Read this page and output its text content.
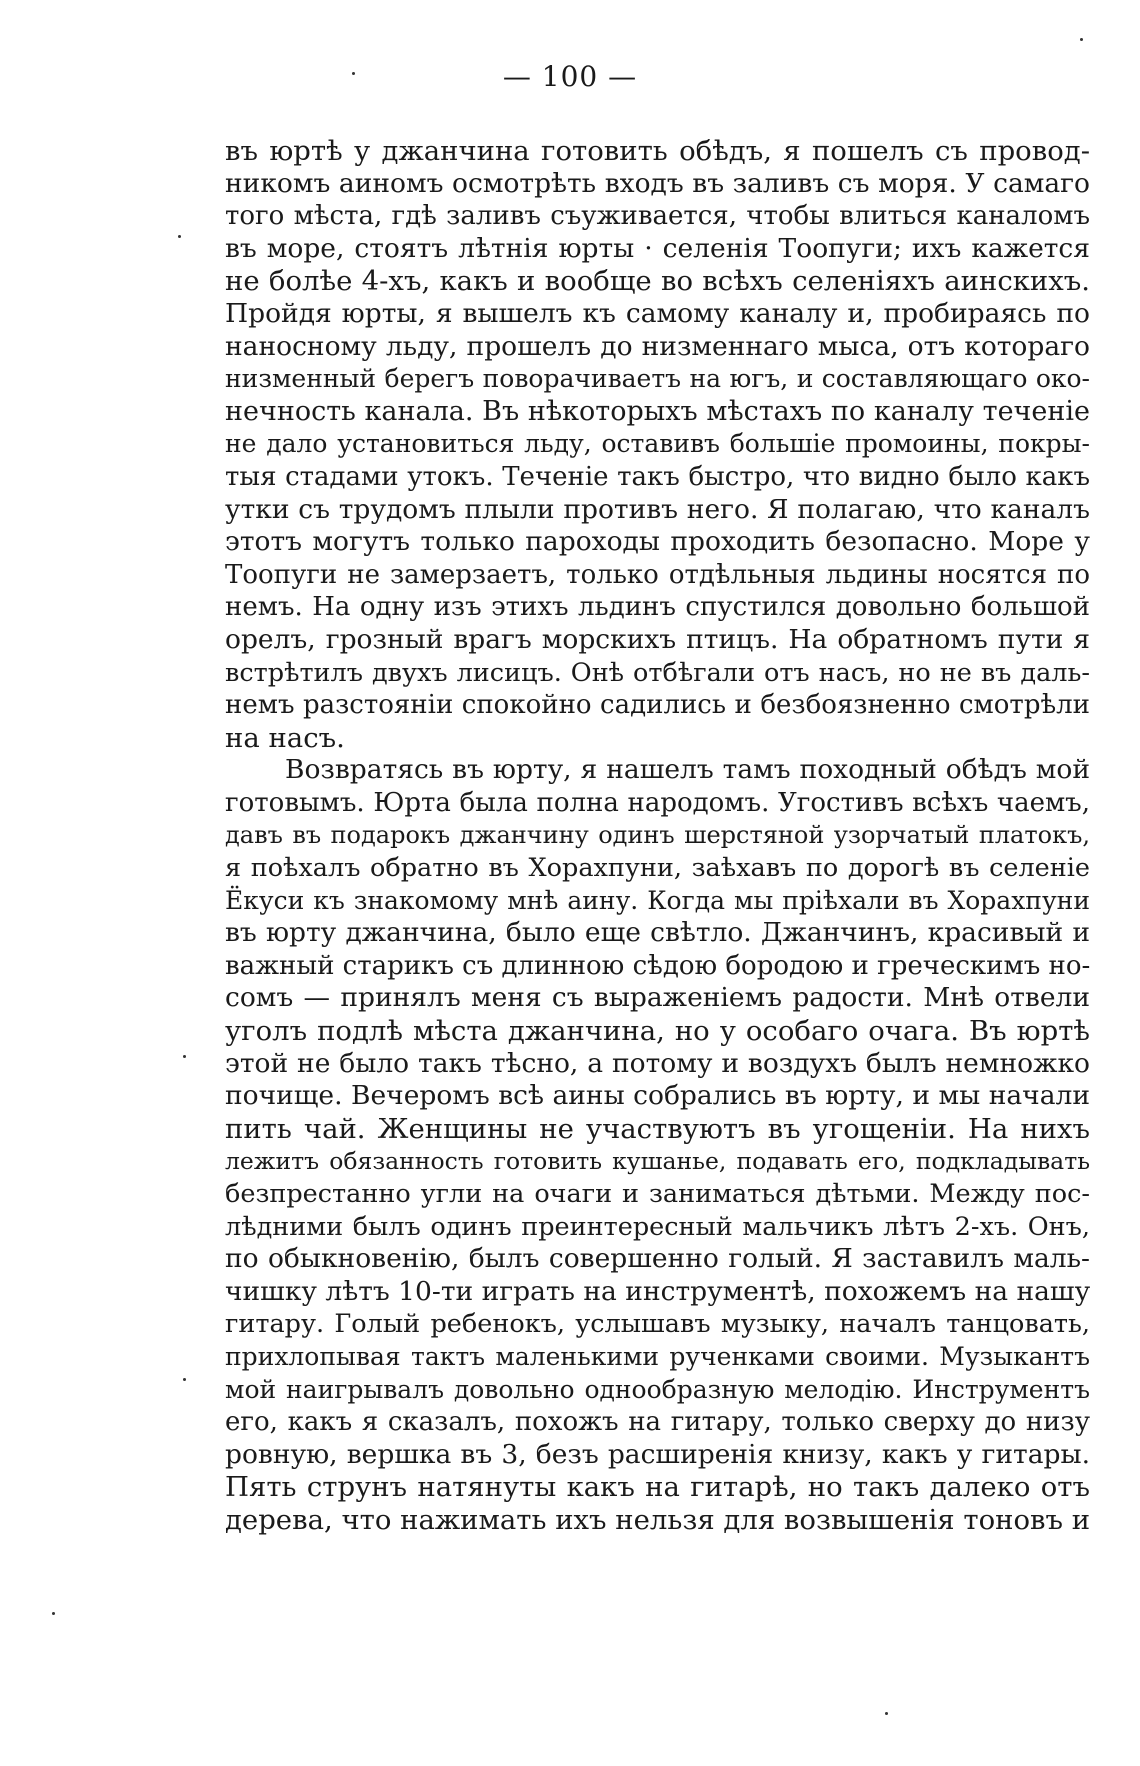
— 100 —
въ юртѣ у джанчина готовить обѣдъ, я пошелъ съ провод-
никомъ аиномъ осмотрѣть входъ въ заливъ съ моря. У самаго
того мѣста, гдѣ заливъ съуживается, чтобы влиться каналомъ
въ море, стоятъ лѣтнія юрты · селенія Тоопуги; ихъ кажется
не болѣе 4-хъ, какъ и вообще во всѣхъ селеніяхъ аинскихъ.
Пройдя юрты, я вышелъ къ самому каналу и, пробираясь по
наносному льду, прошелъ до низменнаго мыса, отъ котораго
низменный берегъ поворачиваетъ на югъ, и составляющаго око-
нечность канала. Въ нѣкоторыхъ мѣстахъ по каналу теченіе
не дало установиться льду, оставивъ большіе промоины, покры-
тыя стадами утокъ. Теченіе такъ быстро, что видно было какъ
утки съ трудомъ плыли противъ него. Я полагаю, что каналъ
этотъ могутъ только пароходы проходить безопасно. Море у
Тоопуги не замерзаетъ, только отдѣльныя льдины носятся по
немъ. На одну изъ этихъ льдинъ спустился довольно большой
орелъ, грозный врагъ морскихъ птицъ. На обратномъ пути я
встрѣтилъ двухъ лисицъ. Онѣ отбѣгали отъ насъ, но не въ даль-
немъ разстояніи спокойно садились и безбоязненно смотрѣли
на насъ.
Возвратясь въ юрту, я нашелъ тамъ походный обѣдъ мой
готовымъ. Юрта была полна народомъ. Угостивъ всѣхъ чаемъ,
давъ въ подарокъ джанчину одинъ шерстяной узорчатый платокъ,
я поѣхалъ обратно въ Хорахпуни, заѣхавъ по дорогѣ въ селеніе
Ёкуси къ знакомому мнѣ аину. Когда мы пріѣхали въ Хорахпуни
въ юрту джанчина, было еще свѣтло. Джанчинъ, красивый и
важный старикъ съ длинною сѣдою бородою и греческимъ но-
сомъ — принялъ меня съ выраженіемъ радости. Мнѣ отвели
уголъ подлѣ мѣста джанчина, но у особаго очага. Въ юртѣ
этой не было такъ тѣсно, а потому и воздухъ былъ немножко
почище. Вечеромъ всѣ аины собрались въ юрту, и мы начали
пить чай. Женщины не участвуютъ въ угощеніи. На нихъ
лежитъ обязанность готовить кушанье, подавать его, подкладывать
безпрестанно угли на очаги и заниматься дѣтьми. Между пос-
лѣдними былъ одинъ преинтересный мальчикъ лѣтъ 2-хъ. Онъ,
по обыкновенію, былъ совершенно голый. Я заставилъ маль-
чишку лѣтъ 10-ти играть на инструментѣ, похожемъ на нашу
гитару. Голый ребенокъ, услышавъ музыку, началъ танцовать,
прихлопывая тактъ маленькими рученками своими. Музыкантъ
мой наигрывалъ довольно однообразную мелодію. Инструментъ
его, какъ я сказалъ, похожъ на гитару, только сверху до низу
ровную, вершка въ 3, безъ расширенія книзу, какъ у гитары.
Пять струнъ натянуты какъ на гитарѣ, но такъ далеко отъ
дерева, что нажимать ихъ нельзя для возвышенія тоновъ и
